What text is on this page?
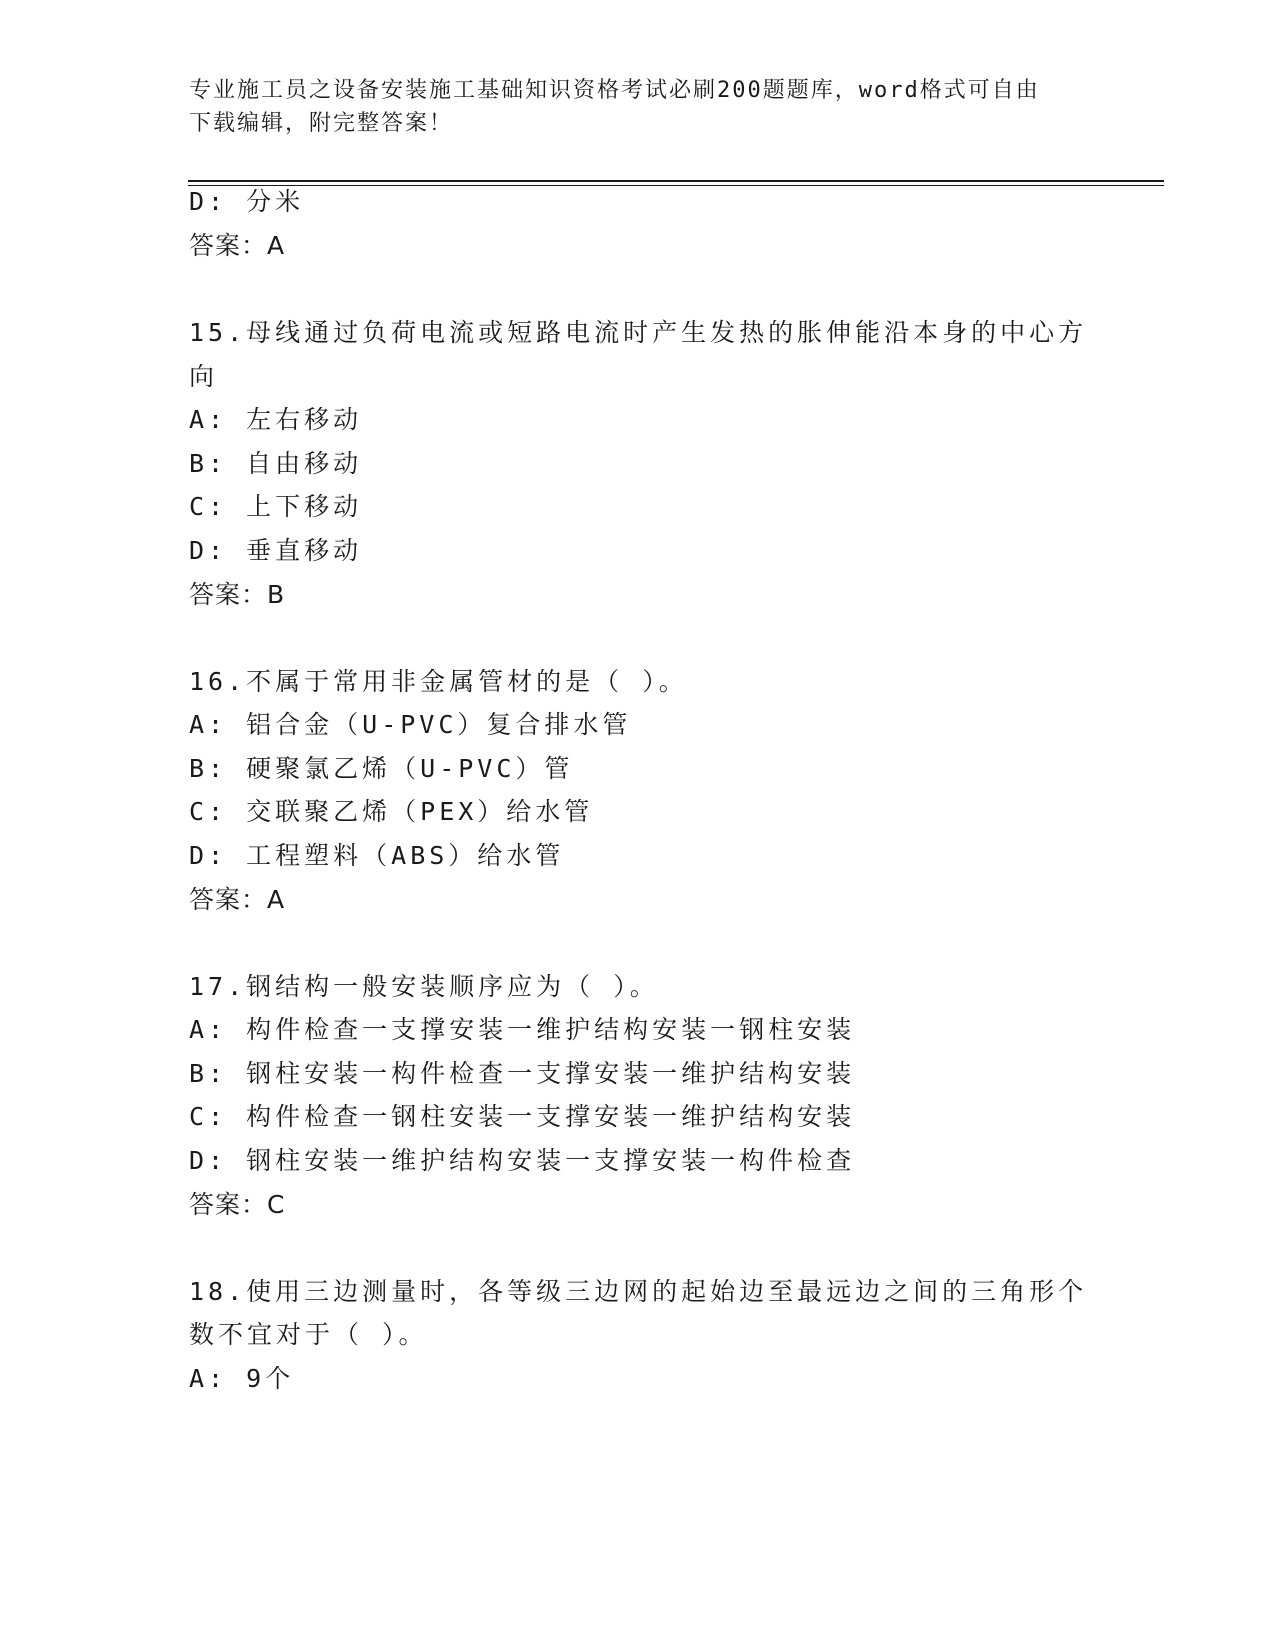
专业施工员之设备安装施工基础知识资格考试必刷200题题库，word格式可自由
下载编辑，附完整答案！
D: 分米
答案：A
15.母线通过负荷电流或短路电流时产生发热的胀伸能沿本身的中心方
向
A: 左右移动
B: 自由移动
C: 上下移动
D: 垂直移动
答案：B
16.不属于常用非金属管材的是（ ）。
A: 铝合金（U-PVC）复合排水管
B: 硬聚氯乙烯（U-PVC）管
C: 交联聚乙烯（PEX）给水管
D: 工程塑料（ABS）给水管
答案：A
17.钢结构一般安装顺序应为（ ）。
A: 构件检查一支撑安装一维护结构安装一钢柱安装
B: 钢柱安装一构件检查一支撑安装一维护结构安装
C: 构件检查一钢柱安装一支撑安装一维护结构安装
D: 钢柱安装一维护结构安装一支撑安装一构件检查
答案：C
18.使用三边测量时，各等级三边网的起始边至最远边之间的三角形个
数不宜对于（ ）。
A: 9个
